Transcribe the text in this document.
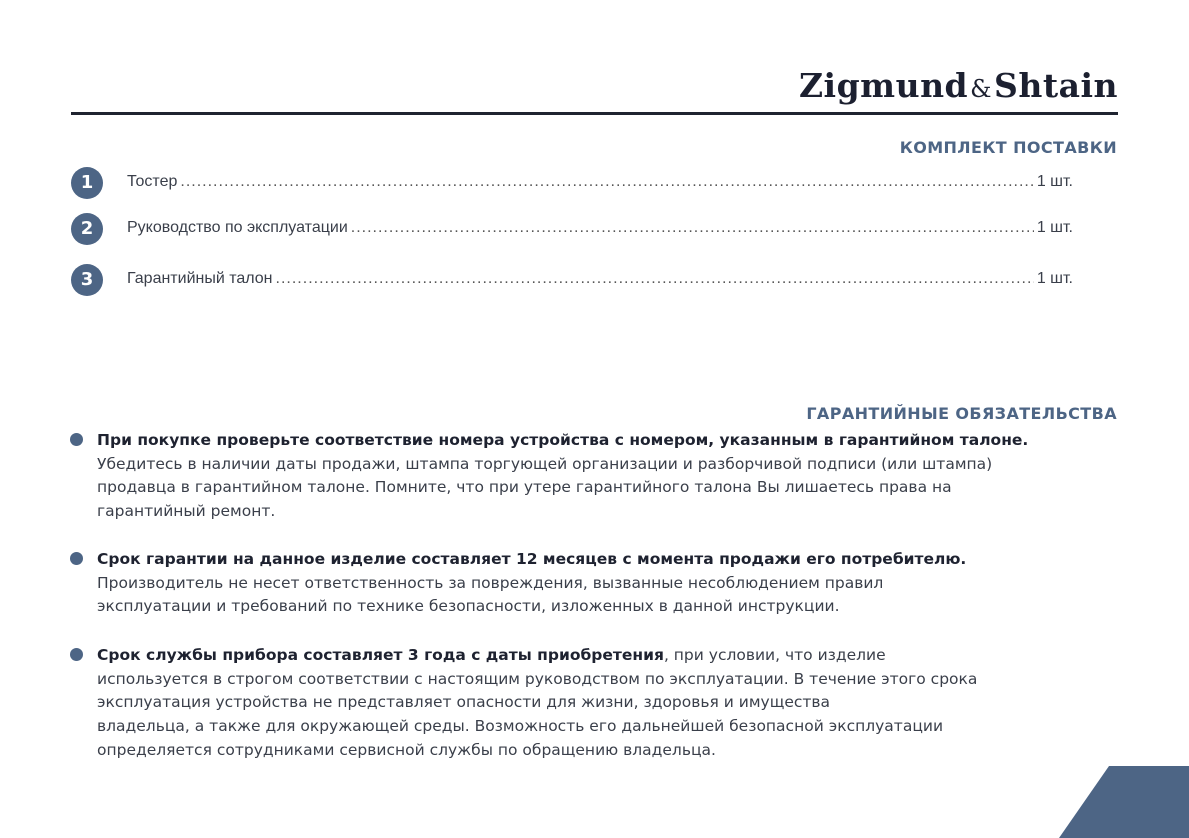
Zigmund&Shtain
КОМПЛЕКТ ПОСТАВКИ
1	Тостер .....	1 шт.
2	Руководство по эксплуатации .....	1 шт.
3	Гарантийный талон .....	1 шт.
ГАРАНТИЙНЫЕ ОБЯЗАТЕЛЬСТВА
При покупке проверьте соответствие номера устройства с номером, указанным в гарантийном талоне.
Убедитесь в наличии даты продажи, штампа торгующей организации и разборчивой подписи (или штампа)
продавца в гарантийном талоне. Помните, что при утере гарантийного талона Вы лишаетесь права на
гарантийный ремонт.
Срок гарантии на данное изделие составляет 12 месяцев с момента продажи его потребителю.
Производитель не несет ответственность за повреждения, вызванные несоблюдением правил
эксплуатации и требований по технике безопасности, изложенных в данной инструкции.
Срок службы прибора составляет 3 года с даты приобретения, при условии, что изделие
используется в строгом соответствии с настоящим руководством по эксплуатации. В течение этого срока
эксплуатация устройства не представляет опасности для жизни, здоровья и имущества
владельца, а также для окружающей среды. Возможность его дальнейшей безопасной эксплуатации
определяется сотрудниками сервисной службы по обращению владельца.
